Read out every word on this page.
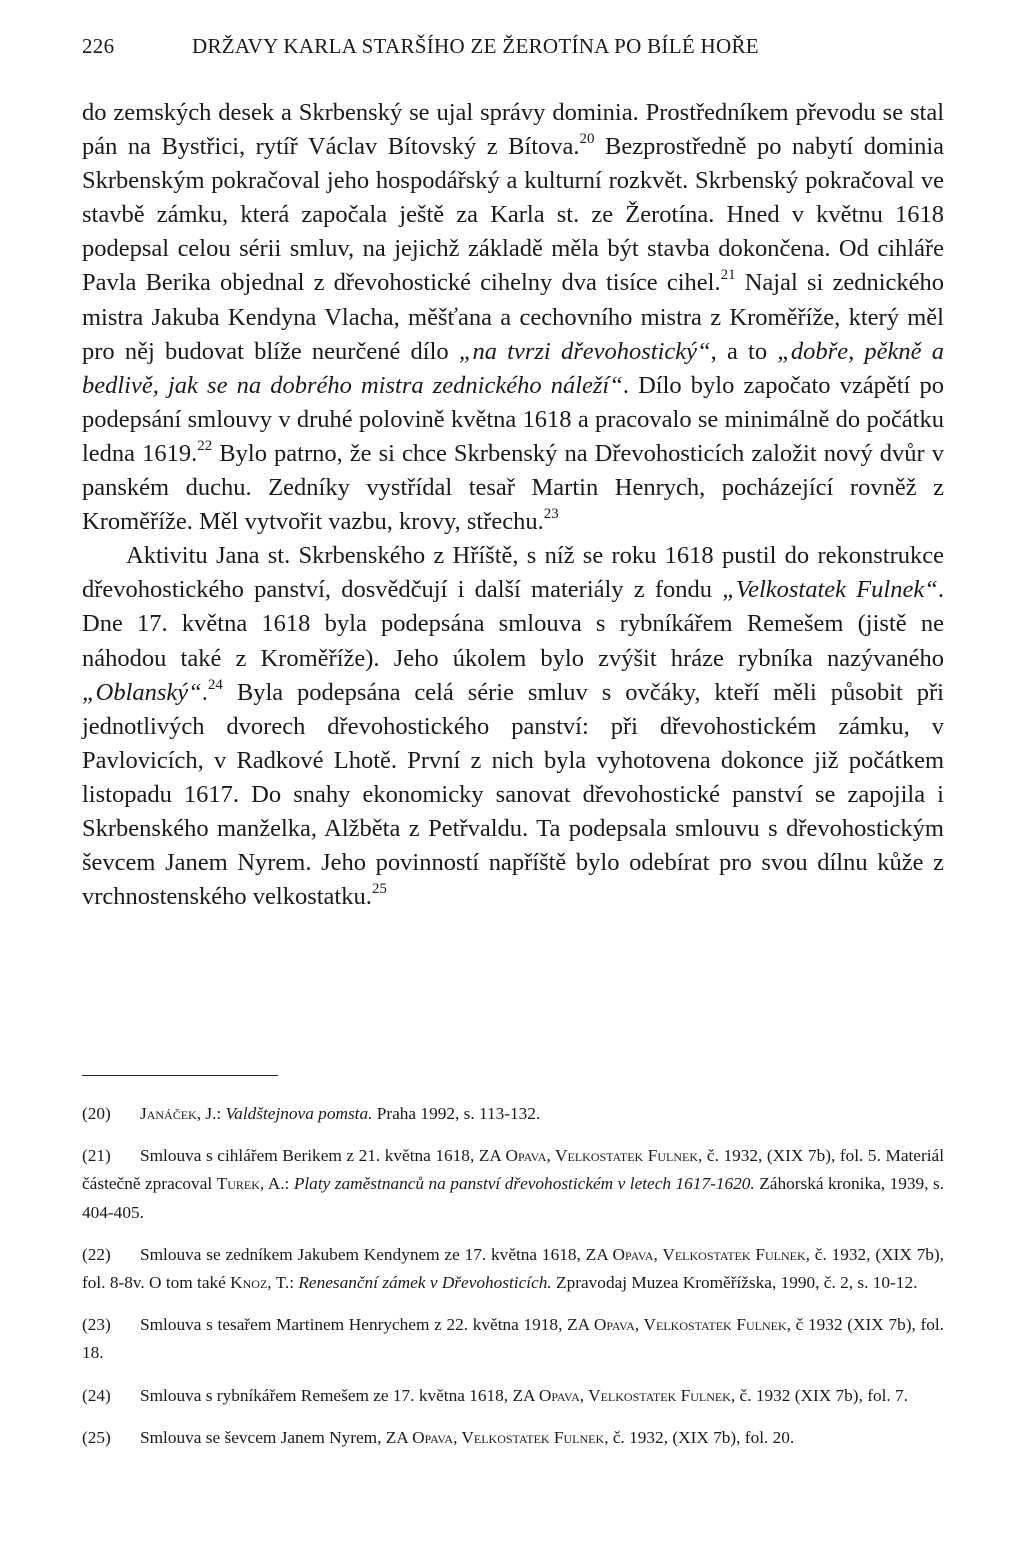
226	DRŽAVY KARLA STARŠÍHO ZE ŽEROTÍNA PO BÍLÉ HOŘE

do zemských desek a Skrbenský se ujal správy dominia. Prostředníkem převodu se stal pán na Bystřici, rytíř Václav Bítovský z Bítova.$^{20}$ Bezprostředně po nabytí dominia Skrbenským pokračoval jeho hospodářský a kulturní rozkvět. Skrbenský pokračoval ve stavbě zámku, která započala ještě za Karla st. ze Žerotína. Hned v květnu 1618 podepsal celou sérii smluv, na jejichž základě měla být stavba dokončena. Od cihláře Pavla Berika objednal z dřevohostické cihelny dva tisíce cihel.$^{21}$ Najal si zednického mistra Jakuba Kendyna Vlacha, měšťana a cechovního mistra z Kroměříže, který měl pro něj budovat blíže neurčené dílo „na tvrzi dřevohostický“, a to „dobře, pěkně a bedlivě, jak se na dobrého mistra zednického náleží“. Dílo bylo započato vzápětí po podepsání smlouvy v druhé polovině května 1618 a pracovalo se minimálně do počátku ledna 1619.22 Bylo patrno, že si chce Skrbenský na Dřevohosticích založit nový dvůr v panském duchu. Zedníky vystřídal tesař Martin Henrych, pocházející rovněž z Kroměříže. Měl vytvořit vazbu, krovy, střechu.$^{23}$

Aktivitu Jana st. Skrbenského z Hříště, s níž se roku 1618 pustil do rekonstrukce dřevohostického panství, dosvědčují i další materiály z fondu „Velkostatek Fulnek“. Dne 17. května 1618 byla podepsána smlouva s rybníkářem Remešem (jistě ne náhodou také z Kroměříže). Jeho úkolem bylo zvýšit hráze rybníka nazývaného „Oblanský“.$^{24}$ Byla podepsána celá série smluv s ovčáky, kteří měli působit při jednotlivých dvorech dřevohostického panství: při dřevohostickém zámku, v Pavlovicích, v Radkové Lhotě. První z nich byla vyhotovena dokonce již počátkem listopadu 1617. Do snahy ekonomicky sanovat dřevohostické panství se zapojila i Skrbenského manželka, Alžběta z Petřvaldu. Ta podepsala smlouvu s dřevohostickým ševcem Janem Nyrem. Jeho povinností napříště bylo odebírat pro svou dílnu kůže z vrchnostenského velkostatku.$^{25}$

(20) Janáček, J.: Valdštejnova pomsta. Praha 1992, s. 113-132.

(21) Smlouva s cihlářem Berikem z 21. května 1618, ZA Opava, Velkostatek Fulnek, č. 1932, (XIX 7b), fol. 5. Materiál částečně zpracoval Turek, A.: Platy zaměstnanců na panství dřevohostickém v letech 1617-1620. Záhorská kronika, 1939, s. 404-405.

(22) Smlouva se zedníkem Jakubem Kendynem ze 17. května 1618, ZA Opava, Velkostatek Fulnek, č. 1932, (XIX 7b), fol. 8-8v. O tom také Knoz, T.: Renesanční zámek v Dřevohosticích. Zpravodaj Muzea Kroměřížska, 1990, č. 2, s. 10-12.

(23) Smlouva s tesařem Martinem Henrychem z 22. května 1918, ZA Opava, Velkostatek Fulnek, č 1932 (XIX 7b), fol. 18.

(24) Smlouva s rybníkářem Remešem ze 17. května 1618, ZA Opava, Velkostatek Fulnek, č. 1932 (XIX 7b), fol. 7.

(25) Smlouva se ševcem Janem Nyrem, ZA Opava, Velkostatek Fulnek, č. 1932, (XIX 7b), fol. 20.
